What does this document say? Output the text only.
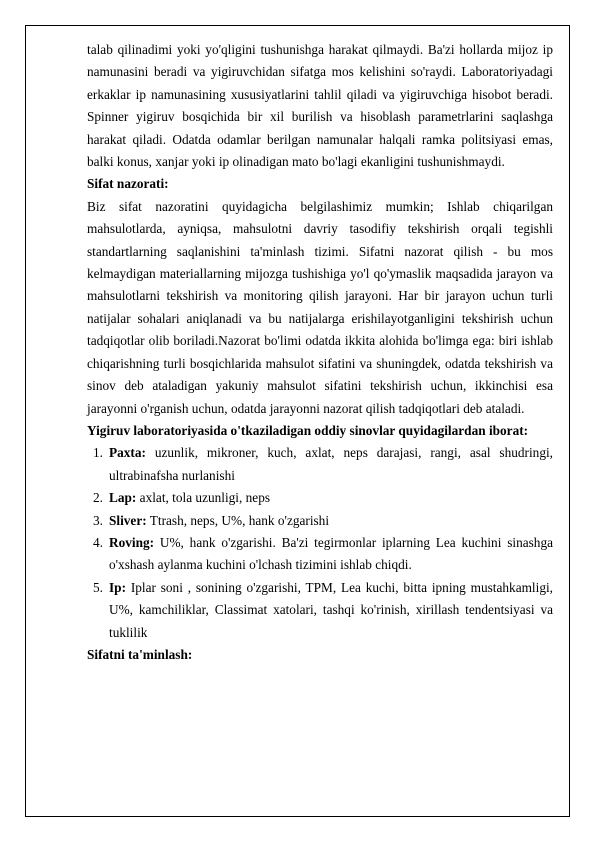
talab qilinadimi yoki yo'qligini tushunishga harakat qilmaydi. Ba'zi hollarda mijoz ip namunasini beradi va yigiruvchidan sifatga mos kelishini so'raydi. Laboratoriyadagi erkaklar ip namunasining xususiyatlarini tahlil qiladi va yigiruvchiga hisobot beradi. Spinner yigiruv bosqichida bir xil burilish va hisoblash parametrlarini saqlashga harakat qiladi. Odatda odamlar berilgan namunalar halqali ramka politsiyasi emas, balki konus, xanjar yoki ip olinadigan mato bo'lagi ekanligini tushunishmaydi.

Sifat nazorati:

Biz sifat nazoratini quyidagicha belgilashimiz mumkin; Ishlab chiqarilgan mahsulotlarda, ayniqsa, mahsulotni davriy tasodifiy tekshirish orqali tegishli standartlarning saqlanishini ta'minlash tizimi. Sifatni nazorat qilish - bu mos kelmaydigan materiallarning mijozga tushishiga yo'l qo'ymaslik maqsadida jarayon va mahsulotlarni tekshirish va monitoring qilish jarayoni. Har bir jarayon uchun turli natijalar sohalari aniqlanadi va bu natijalarga erishilayotganligini tekshirish uchun tadqiqotlar olib boriladi.Nazorat bo'limi odatda ikkita alohida bo'limga ega: biri ishlab chiqarishning turli bosqichlarida mahsulot sifatini va shuningdek, odatda tekshirish va sinov deb ataladigan yakuniy mahsulot sifatini tekshirish uchun, ikkinchisi esa jarayonni o'rganish uchun, odatda jarayonni nazorat qilish tadqiqotlari deb ataladi.

Yigiruv laboratoriyasida o'tkaziladigan oddiy sinovlar quyidagilardan iborat:
1. Paxta: uzunlik, mikroner, kuch, axlat, neps darajasi, rangi, asal shudringi, ultrabinafsha nurlanishi
2. Lap: axlat, tola uzunligi, neps
3. Sliver: Ttrash, neps, U%, hank o'zgarishi
4. Roving: U%, hank o'zgarishi. Ba'zi tegirmonlar iplarning Lea kuchini sinashga o'xshash aylanma kuchini o'lchash tizimini ishlab chiqdi.
5. Ip: Iplar soni , sonining o'zgarishi, TPM, Lea kuchi, bitta ipning mustahkamligi, U%, kamchiliklar, Classimat xatolari, tashqi ko'rinish, xirillash tendentsiyasi va tuklilik
Sifatni ta'minlash:
